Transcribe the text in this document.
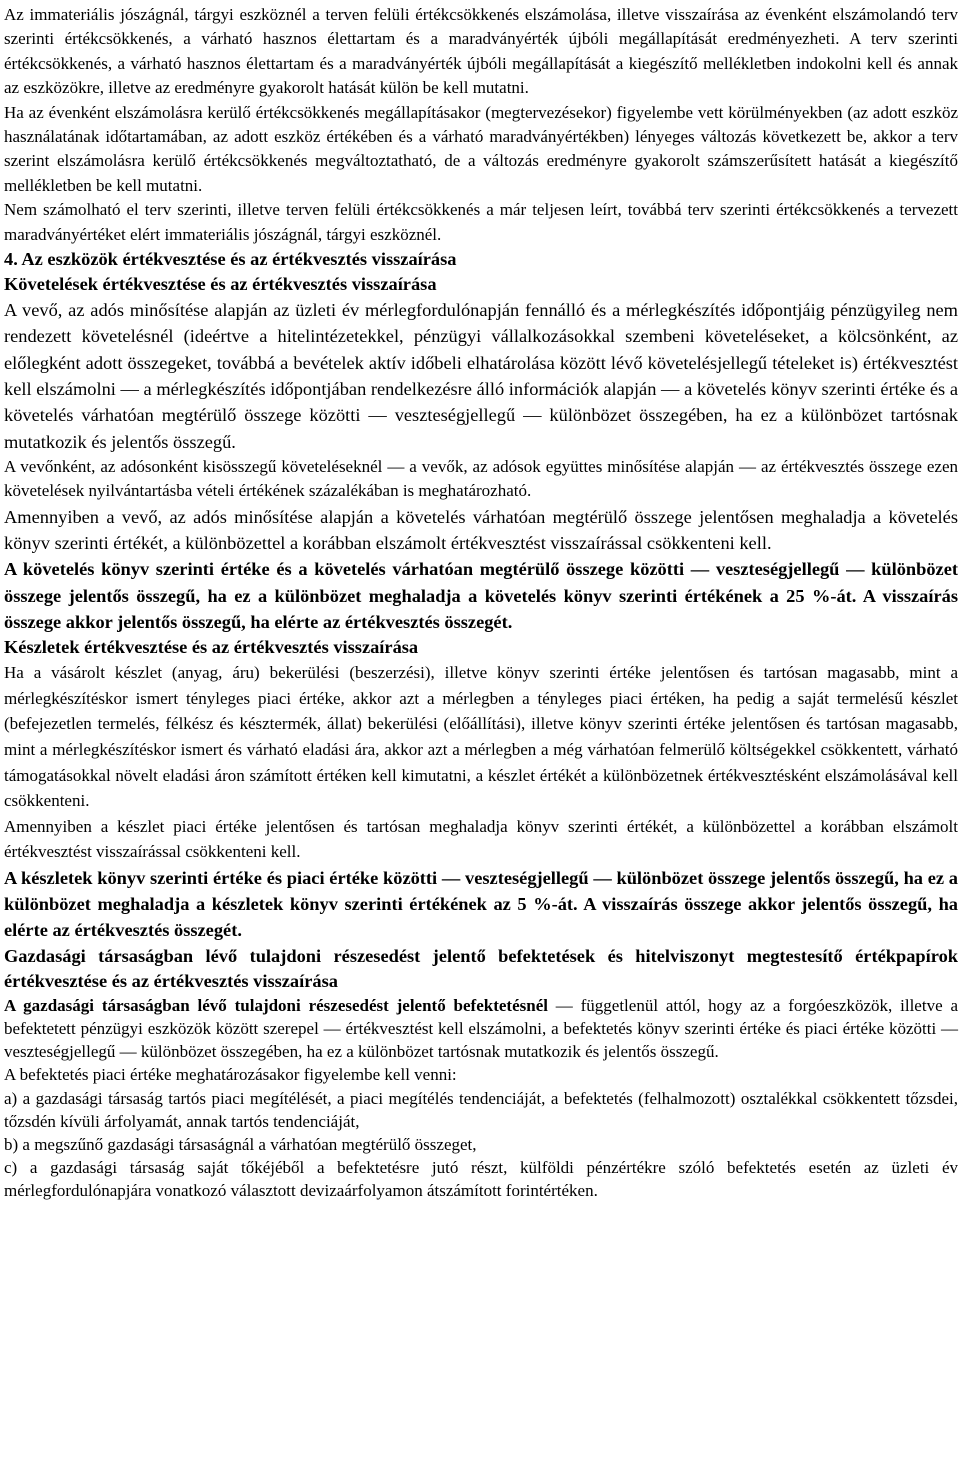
Az immateriális jószágnál, tárgyi eszköznél a terven felüli értékcsökkenés elszámolása, illetve visszaírása az évenként elszámolandó terv szerinti értékcsökkenés, a várható hasznos élettartam és a maradványérték újbóli megállapítását eredményezheti. A terv szerinti értékcsökkenés, a várható hasznos élettartam és a maradványérték újbóli megállapítását a kiegészítő mellékletben indokolni kell és annak az eszközökre, illetve az eredményre gyakorolt hatását külön be kell mutatni.

Ha az évenként elszámolásra kerülő értékcsökkenés megállapításakor (megtervezésekor) figyelembe vett körülményekben (az adott eszköz használatának időtartamában, az adott eszköz értékében és a várható maradványértékben) lényeges változás következett be, akkor a terv szerint elszámolásra kerülő értékcsökkenés megváltoztatható, de a változás eredményre gyakorolt számszerűsített hatását a kiegészítő mellékletben be kell mutatni.

Nem számolható el terv szerinti, illetve terven felüli értékcsökkenés a már teljesen leírt, továbbá terv szerinti értékcsökkenés a tervezett maradványértéket elért immateriális jószágnál, tárgyi eszköznél.

4. Az eszközök értékvesztése és az értékvesztés visszaírása

Követelések értékvesztése és az értékvesztés visszaírása

A vevő, az adós minősítése alapján az üzleti év mérlegfordulónapján fennálló és a mérlegkészítés időpontjáig pénzügyileg nem rendezett követelésnél (ideértve a hitelintézetekkel, pénzügyi vállalkozásokkal szembeni követeléseket, a kölcsönként, az előlegként adott összegeket, továbbá a bevételek aktív időbeli elhatárolása között lévő követelésjellegű tételeket is) értékvesztést kell elszámolni — a mérlegkészítés időpontjában rendelkezésre álló információk alapján — a követelés könyv szerinti értéke és a követelés várhatóan megtérülő összege közötti — veszteségjellegű — különbözet összegében, ha ez a különbözet tartósnak mutatkozik és jelentős összegű.

A vevőnként, az adósonként kisösszegű követeléseknél — a vevők, az adósok együttes minősítése alapján — az értékvesztés összege ezen követelések nyilvántartásba vételi értékének százalékában is meghatározható.

Amennyiben a vevő, az adós minősítése alapján a követelés várhatóan megtérülő összege jelentősen meghaladja a követelés könyv szerinti értékét, a különbözettel a korábban elszámolt értékvesztést visszaírással csökkenteni kell.

A követelés könyv szerinti értéke és a követelés várhatóan megtérülő összege közötti — veszteségjellegű — különbözet összege jelentős összegű, ha ez a különbözet meghaladja a követelés könyv szerinti értékének a 25 %-át. A visszaírás összege akkor jelentős összegű, ha elérte az értékvesztés összegét.

Készletek értékvesztése és az értékvesztés visszaírása

Ha a vásárolt készlet (anyag, áru) bekerülési (beszerzési), illetve könyv szerinti értéke jelentősen és tartósan magasabb, mint a mérlegkészítéskor ismert tényleges piaci értéke, akkor azt a mérlegben a tényleges piaci értéken, ha pedig a saját termelésű készlet (befejezetlen termelés, félkész és késztermék, állat) bekerülési (előállítási), illetve könyv szerinti értéke jelentősen és tartósan magasabb, mint a mérlegkészítéskor ismert és várható eladási ára, akkor azt a mérlegben a még várhatóan felmerülő költségekkel csökkentett, várható támogatásokkal növelt eladási áron számított értéken kell kimutatni, a készlet értékét a különbözetnek értékvesztésként elszámolásával kell csökkenteni.

Amennyiben a készlet piaci értéke jelentősen és tartósan meghaladja könyv szerinti értékét, a különbözettel a korábban elszámolt értékvesztést visszaírással csökkenteni kell.

A készletek könyv szerinti értéke és piaci értéke közötti — veszteségjellegű — különbözet összege jelentős összegű, ha ez a különbözet meghaladja a készletek könyv szerinti értékének az 5 %-át. A visszaírás összege akkor jelentős összegű, ha elérte az értékvesztés összegét.

Gazdasági társaságban lévő tulajdoni részesedést jelentő befektetések és hitelviszonyt megtestesítő értékpapírok értékvesztése és az értékvesztés visszaírása

A gazdasági társaságban lévő tulajdoni részesedést jelentő befektetésnél — függetlenül attól, hogy az a forgóeszközök, illetve a befektetett pénzügyi eszközök között szerepel — értékvesztést kell elszámolni, a befektetés könyv szerinti értéke és piaci értéke közötti — veszteségjellegű — különbözet összegében, ha ez a különbözet tartósnak mutatkozik és jelentős összegű.

A befektetés piaci értéke meghatározásakor figyelembe kell venni:

a) a gazdasági társaság tartós piaci megítélését, a piaci megítélés tendenciáját, a befektetés (felhalmozott) osztalékkal csökkentett tőzsdei, tőzsdén kívüli árfolyamát, annak tartós tendenciáját,

b) a megszűnő gazdasági társaságnál a várhatóan megtérülő összeget,

c) a gazdasági társaság saját tőkéjéből a befektetésre jutó részt, külföldi pénzértékre szóló befektetés esetén az üzleti év mérlegfordulónapjára vonatkozó választott devizaárfolyamon átszámított forintértéken.
